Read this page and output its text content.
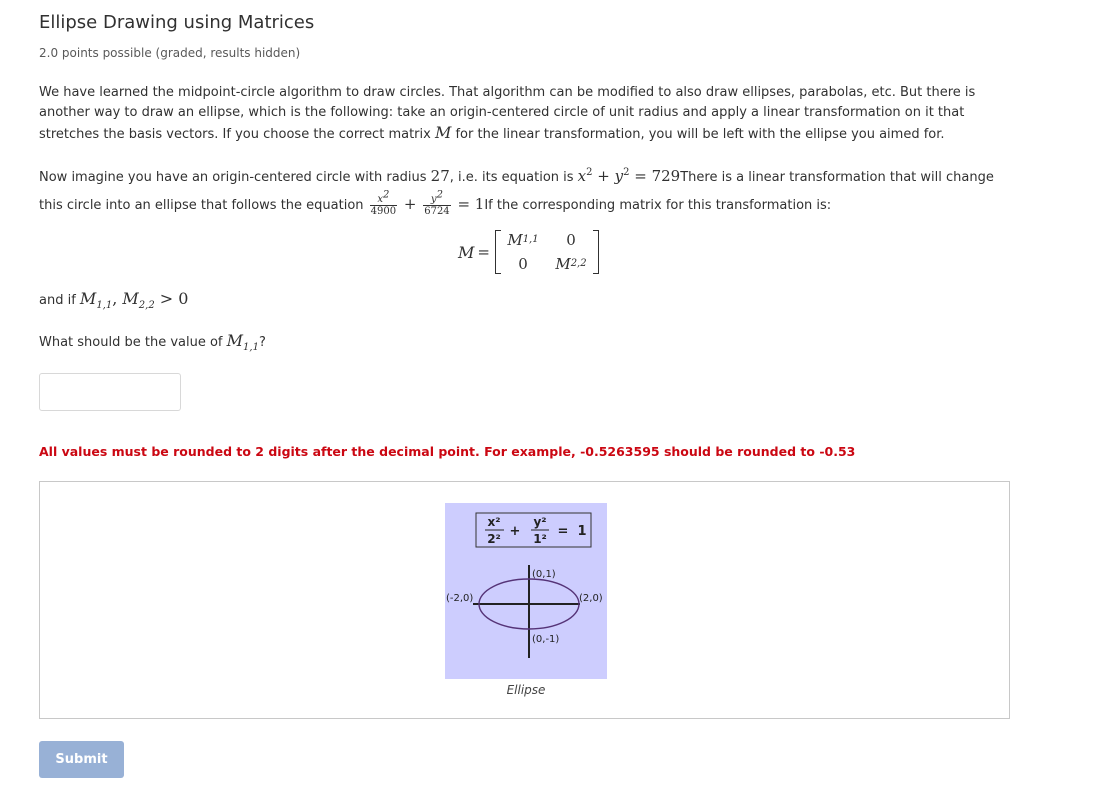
Ellipse Drawing using Matrices
2.0 points possible (graded, results hidden)

We have learned the midpoint-circle algorithm to draw circles. That algorithm can be modified to also draw ellipses, parabolas, etc. But there is another way to draw an ellipse, which is the following: take an origin-centered circle of unit radius and apply a linear transformation on it that stretches the basis vectors. If you choose the correct matrix M for the linear transformation, you will be left with the ellipse you aimed for.

Now imagine you have an origin-centered circle with radius 27, i.e. its equation is $x^2 + y^2$ = 729There is a linear transformation that will change this circle into an ellipse that follows the equation $\frac{x^2}{4900} + \frac{y^2}{6724} = 1If$ the corresponding matrix for this transformation is:

M =
M 1,1	0
0	M 2,2
and if $M_{1,1}$, $M_{2,2} > 0$
What should be the value of $M_{1,1}$?
All values must be rounded to 2 digits after the decimal point. For example, -0.5263595 should be rounded to -0.53
x²
2² +
y²
1² = 1
(0,1)
(-2,0)	(2,0)
(0,-1)
Ellipse
Submit
